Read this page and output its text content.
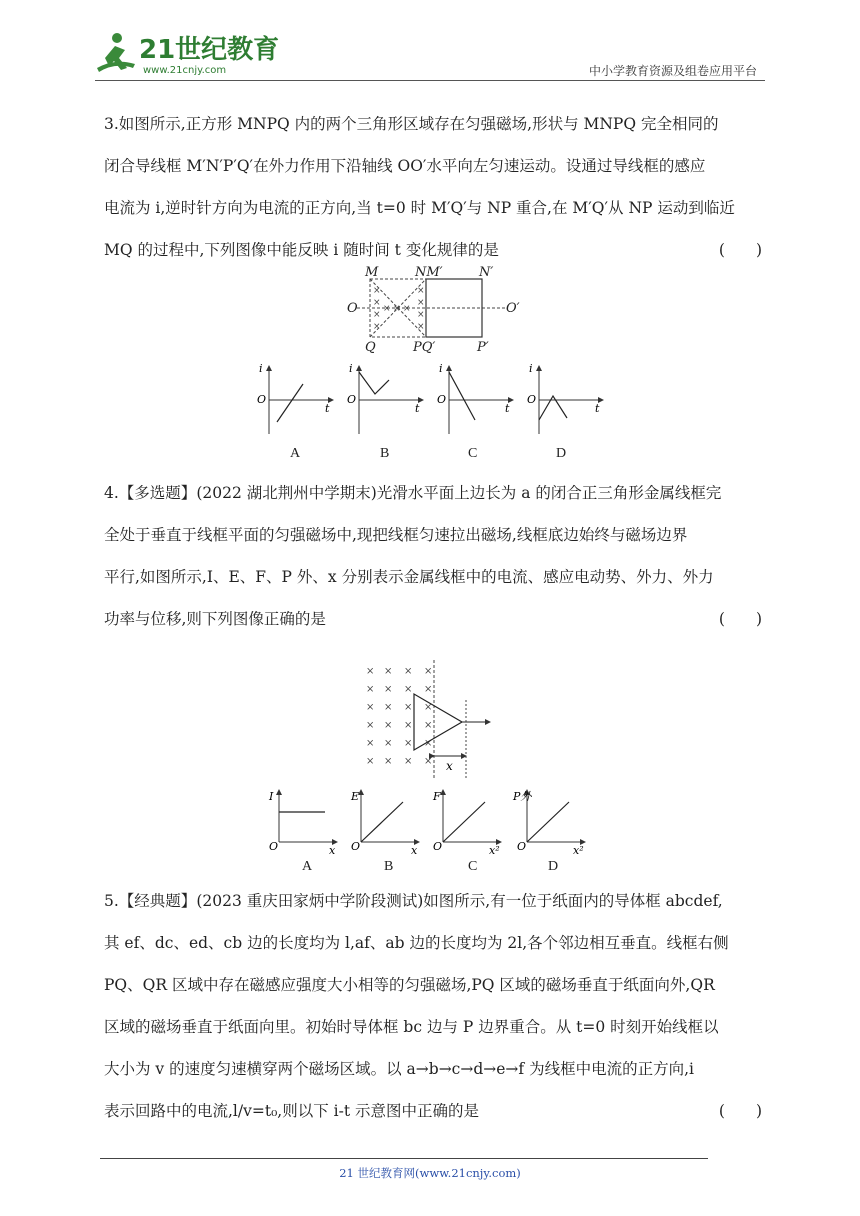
21世纪教育
www.21cnjy.com	中小学教育资源及组卷应用平台
3.如图所示,正方形 MNPQ 内的两个三角形区域存在匀强磁场,形状与 MNPQ 完全相同的
闭合导线框 M′N′P′Q′在外力作用下沿轴线 OO′水平向左匀速运动。设通过导线框的感应
电流为 i,逆时针方向为电流的正方向,当 t=0 时 M′Q′与 NP 重合,在 M′Q′从 NP 运动到临近
MQ 的过程中,下列图像中能反映 i 随时间 t 变化规律的是	(　　)
×
×
×
×
× × ×
×
×
×
×
M	NM′	N′
O	O′
Q	PQ′	P′
i
O
t
i
O
t
i
O
t
i
O
t
A	B	C	D
4.【多选题】(2022 湖北荆州中学期末)光滑水平面上边长为 a 的闭合正三角形金属线框完
全处于垂直于线框平面的匀强磁场中,现把线框匀速拉出磁场,线框底边始终与磁场边界
平行,如图所示,I、E、F、P 外、x 分别表示金属线框中的电流、感应电动势、外力、外力
功率与位移,则下列图像正确的是	(　　)
× × × ×
× × × ×
× × × ×
× × × ×
× × × ×
× × × × x
I
O	x
E
O	x
F
O	x²
P外
O	x²
A	B	C	D
5.【经典题】(2023 重庆田家炳中学阶段测试)如图所示,有一位于纸面内的导体框 abcdef,
其 ef、dc、ed、cb 边的长度均为 l,af、ab 边的长度均为 2l,各个邻边相互垂直。线框右侧
PQ、QR 区域中存在磁感应强度大小相等的匀强磁场,PQ 区域的磁场垂直于纸面向外,QR
区域的磁场垂直于纸面向里。初始时导体框 bc 边与 P 边界重合。从 t=0 时刻开始线框以
大小为 v 的速度匀速横穿两个磁场区域。以 a→b→c→d→e→f 为线框中电流的正方向,i
表示回路中的电流,l/v=t₀,则以下 i-t 示意图中正确的是	(　　)
21 世纪教育网(www.21cnjy.com)
